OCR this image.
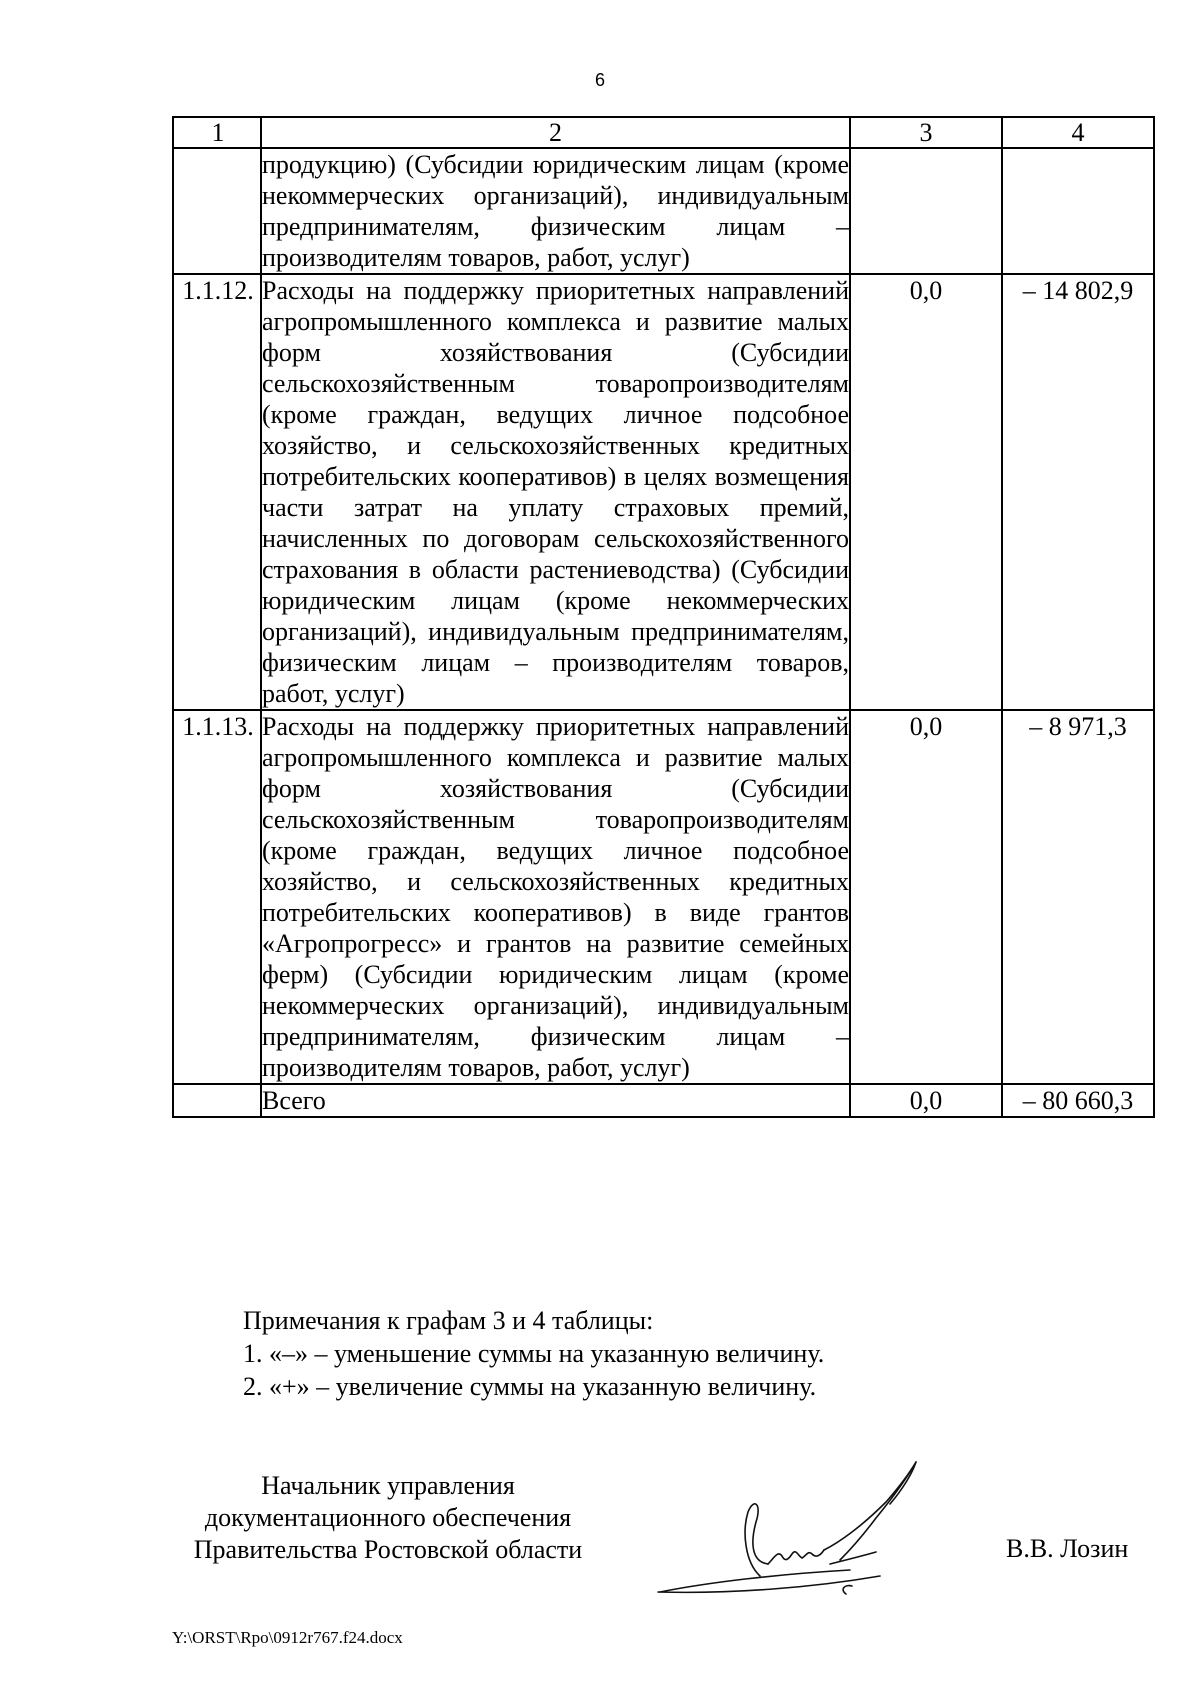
6
1	2	3	4
	продукцию) (Субсидии юридическим лицам (кроме некоммерческих организаций), индивидуальным предпринимателям, физическим лицам – производителям товаров, работ, услуг)		
1.1.12.	Расходы на поддержку приоритетных направлений агропромышленного комплекса и развитие малых форм хозяйствования (Субсидии сельскохозяйственным товаропроизводителям (кроме граждан, ведущих личное подсобное хозяйство, и сельскохозяйственных кредитных потребительских кооперативов) в целях возмещения части затрат на уплату страховых премий, начисленных по договорам сельскохозяйственного страхования в области растениеводства) (Субсидии юридическим лицам (кроме некоммерческих организаций), индивидуальным предпринимателям, физическим лицам – производителям товаров, работ, услуг)	0,0	– 14 802,9
1.1.13.	Расходы на поддержку приоритетных направлений агропромышленного комплекса и развитие малых форм хозяйствования (Субсидии сельскохозяйственным товаропроизводителям (кроме граждан, ведущих личное подсобное хозяйство, и сельскохозяйственных кредитных потребительских кооперативов) в виде грантов «Агропрогресс» и грантов на развитие семейных ферм) (Субсидии юридическим лицам (кроме некоммерческих организаций), индивидуальным предпринимателям, физическим лицам – производителям товаров, работ, услуг)	0,0	– 8 971,3
	Всего	0,0	– 80 660,3
Примечания к графам 3 и 4 таблицы:
1. «–» – уменьшение суммы на указанную величину.
2. «+» – увеличение суммы на указанную величину.
Начальник управления
документационного обеспечения
Правительства Ростовской области	В.В. Лозин
Y:\ORST\Rpo\0912r767.f24.docx
